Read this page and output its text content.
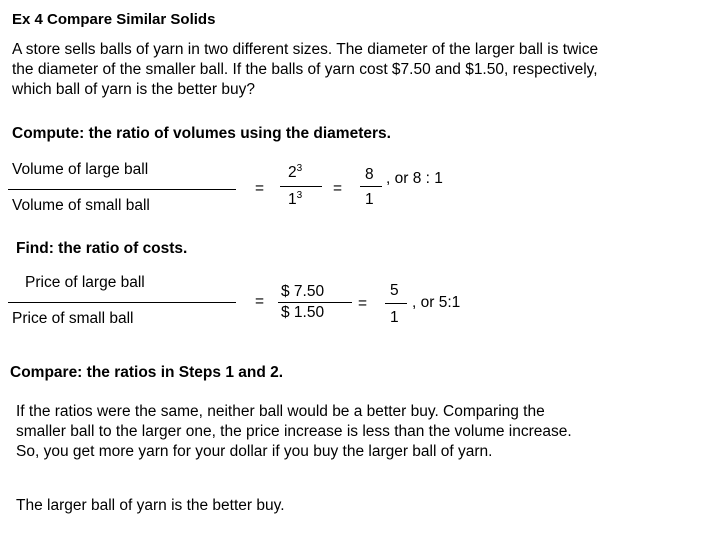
Ex 4 Compare Similar Solids
A store sells balls of yarn in two different sizes. The diameter of the larger ball is twice
the diameter of the smaller ball. If the balls of yarn cost $7.50 and $1.50, respectively,
which ball of yarn is the better buy?
Compute: the ratio of volumes using the diameters.
Volume of large ball
Volume of small ball
=
$2^3$
$1^3$ =
8
1
, or 8 : 1
Find: the ratio of costs.
Price of large ball
Price of small ball
=
$ 7.50
$ 1.50
=
5
1
, or 5:1
Compare: the ratios in Steps 1 and 2.
If the ratios were the same, neither ball would be a better buy. Comparing the
smaller ball to the larger one, the price increase is less than the volume increase.
So, you get more yarn for your dollar if you buy the larger ball of yarn.
The larger ball of yarn is the better buy.
